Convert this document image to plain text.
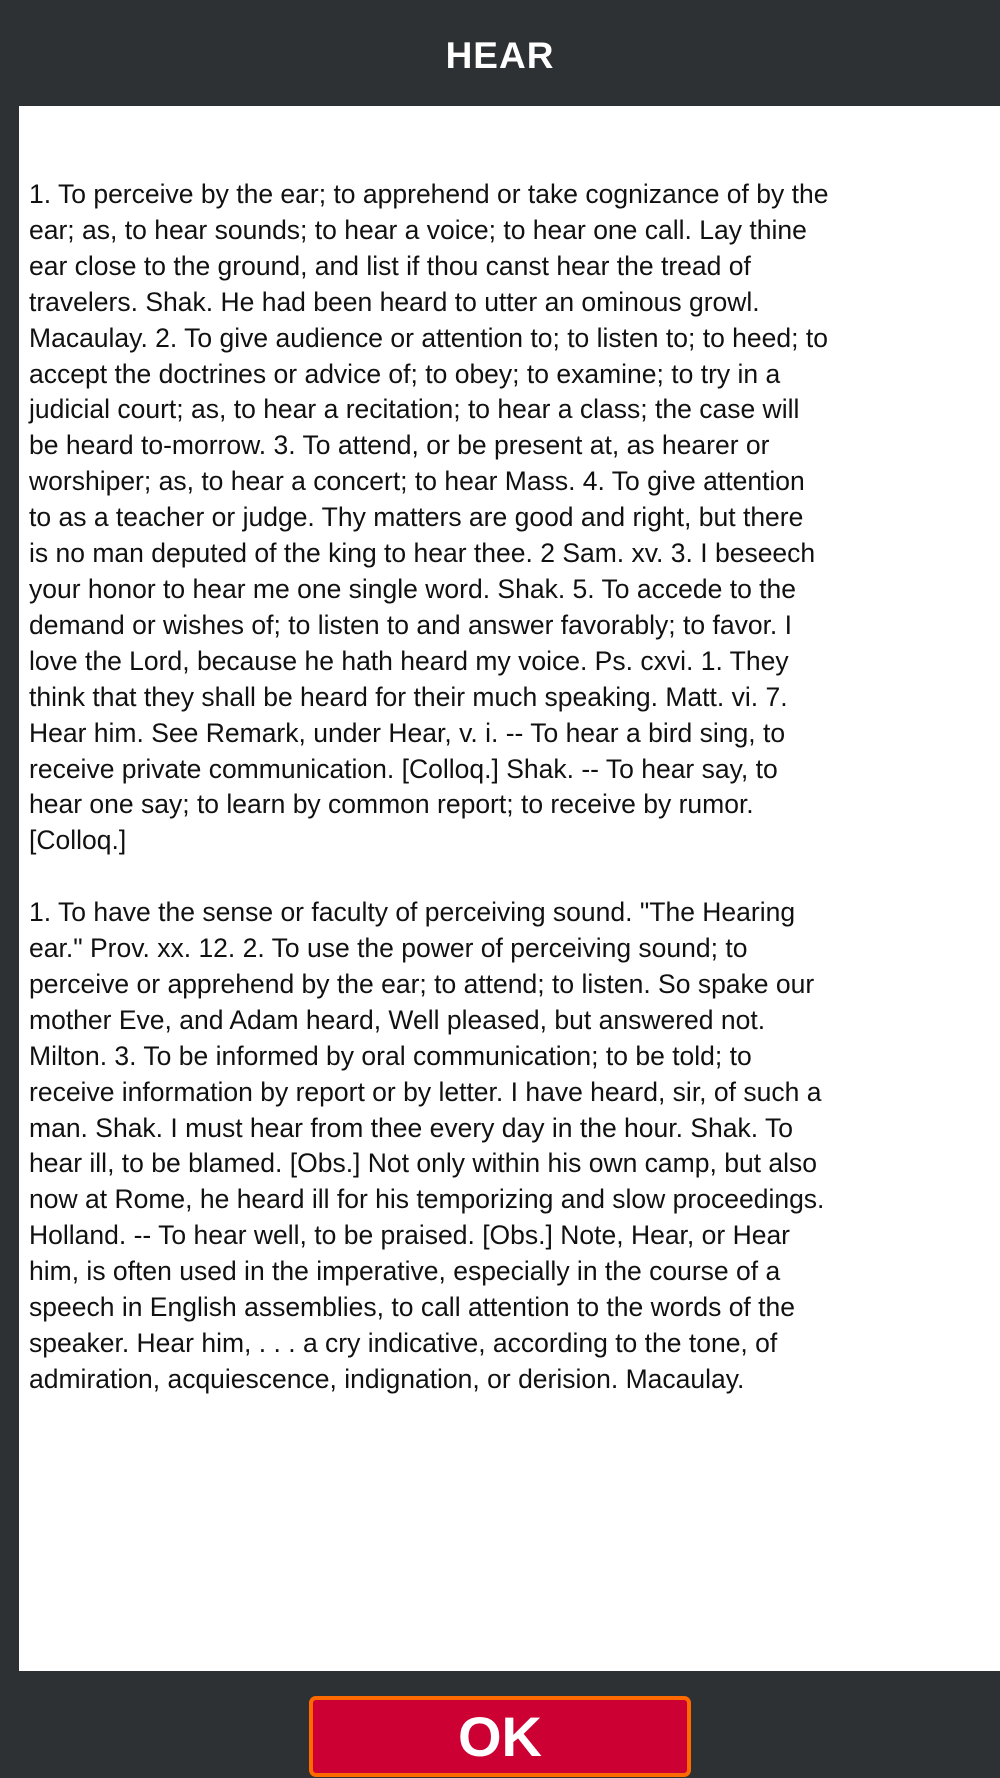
HEAR

1. To perceive by the ear; to apprehend or take cognizance of by the ear; as, to hear sounds; to hear a voice; to hear one call. Lay thine ear close to the ground, and list if thou canst hear the tread of travelers. Shak. He had been heard to utter an ominous growl. Macaulay. 2. To give audience or attention to; to listen to; to heed; to accept the doctrines or advice of; to obey; to examine; to try in a judicial court; as, to hear a recitation; to hear a class; the case will be heard to-morrow. 3. To attend, or be present at, as hearer or worshiper; as, to hear a concert; to hear Mass. 4. To give attention to as a teacher or judge. Thy matters are good and right, but there is no man deputed of the king to hear thee. 2 Sam. xv. 3. I beseech your honor to hear me one single word. Shak. 5. To accede to the demand or wishes of; to listen to and answer favorably; to favor. I love the Lord, because he hath heard my voice. Ps. cxvi. 1. They think that they shall be heard for their much speaking. Matt. vi. 7. Hear him. See Remark, under Hear, v. i. -- To hear a bird sing, to receive private communication. [Colloq.] Shak. -- To hear say, to hear one say; to learn by common report; to receive by rumor. [Colloq.]

1. To have the sense or faculty of perceiving sound. "The Hearing ear." Prov. xx. 12. 2. To use the power of perceiving sound; to perceive or apprehend by the ear; to attend; to listen. So spake our mother Eve, and Adam heard, Well pleased, but answered not. Milton. 3. To be informed by oral communication; to be told; to receive information by report or by letter. I have heard, sir, of such a man. Shak. I must hear from thee every day in the hour. Shak. To hear ill, to be blamed. [Obs.] Not only within his own camp, but also now at Rome, he heard ill for his temporizing and slow proceedings. Holland. -- To hear well, to be praised. [Obs.] Note, Hear, or Hear him, is often used in the imperative, especially in the course of a speech in English assemblies, to call attention to the words of the speaker. Hear him, . . . a cry indicative, according to the tone, of admiration, acquiescence, indignation, or derision. Macaulay.

OK
